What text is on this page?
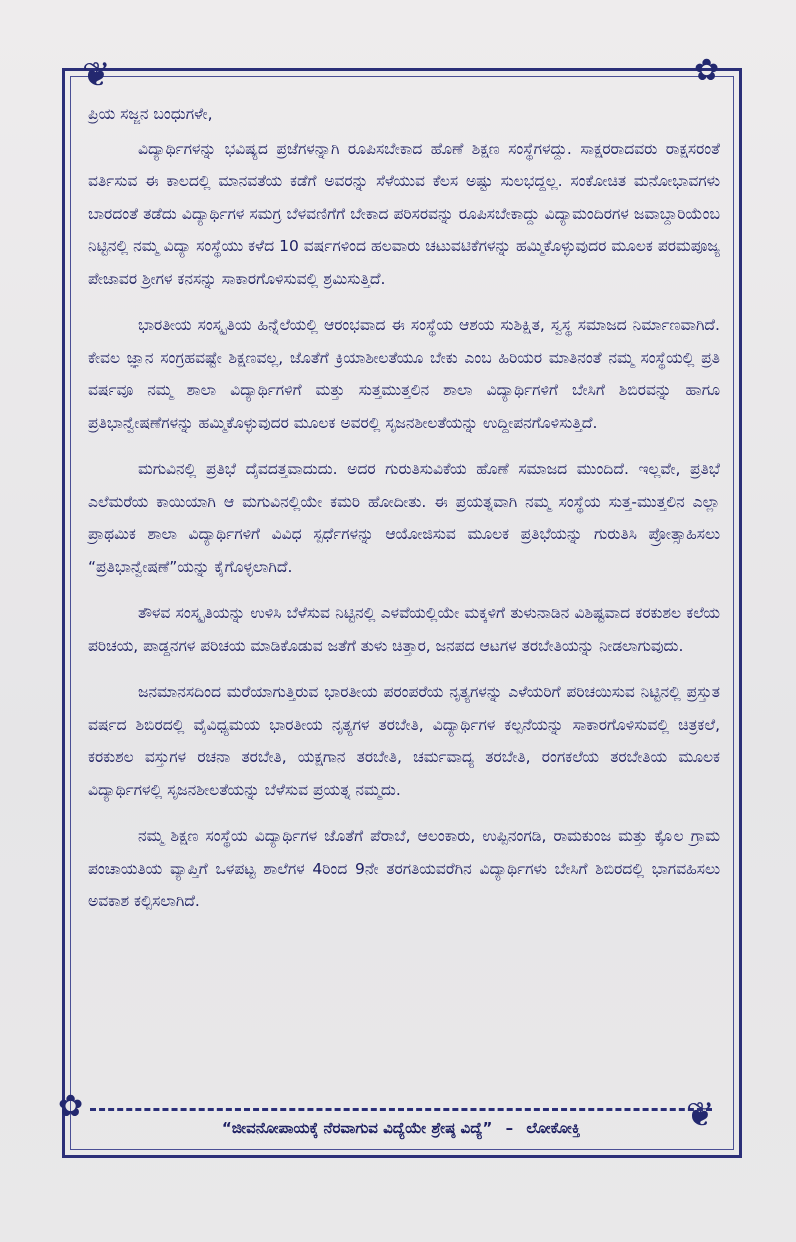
❦	✿
✿	❦

ಪ್ರಿಯ ಸಜ್ಜನ ಬಂಧುಗಳೇ,

ವಿದ್ಯಾರ್ಥಿಗಳನ್ನು ಭವಿಷ್ಯದ ಪ್ರಜೆಗಳನ್ನಾಗಿ ರೂಪಿಸಬೇಕಾದ ಹೊಣೆ ಶಿಕ್ಷಣ ಸಂಸ್ಥೆಗಳದ್ದು. ಸಾಕ್ಷರರಾದವರು ರಾಕ್ಷಸರಂತೆ ವರ್ತಿಸುವ ಈ ಕಾಲದಲ್ಲಿ ಮಾನವತೆಯ ಕಡೆಗೆ ಅವರನ್ನು ಸೆಳೆಯುವ ಕೆಲಸ ಅಷ್ಟು ಸುಲಭದ್ದಲ್ಲ. ಸಂಕೋಚಿತ ಮನೋಭಾವಗಳು ಬಾರದಂತೆ ತಡೆದು ವಿದ್ಯಾರ್ಥಿಗಳ ಸಮಗ್ರ ಬೆಳವಣಿಗೆಗೆ ಬೇಕಾದ ಪರಿಸರವನ್ನು ರೂಪಿಸಬೇಕಾದ್ದು ವಿದ್ಯಾಮಂದಿರಗಳ ಜವಾಬ್ದಾರಿಯೆಂಬ ನಿಟ್ಟಿನಲ್ಲಿ ನಮ್ಮ ವಿದ್ಯಾ ಸಂಸ್ಥೆಯು ಕಳೆದ 10 ವರ್ಷಗಳಿಂದ ಹಲವಾರು ಚಟುವಟಿಕೆಗಳನ್ನು ಹಮ್ಮಿಕೊಳ್ಳುವುದರ ಮೂಲಕ ಪರಮಪೂಜ್ಯ ಪೇಜಾವರ ಶ್ರೀಗಳ ಕನಸನ್ನು ಸಾಕಾರಗೊಳಿಸುವಲ್ಲಿ ಶ್ರಮಿಸುತ್ತಿದೆ.

ಭಾರತೀಯ ಸಂಸ್ಕೃತಿಯ ಹಿನ್ನೆಲೆಯಲ್ಲಿ ಆರಂಭವಾದ ಈ ಸಂಸ್ಥೆಯ ಆಶಯ ಸುಶಿಕ್ಷಿತ, ಸ್ವಸ್ಥ ಸಮಾಜದ ನಿರ್ಮಾಣವಾಗಿದೆ. ಕೇವಲ ಜ್ಞಾನ ಸಂಗ್ರಹವಷ್ಟೇ ಶಿಕ್ಷಣವಲ್ಲ, ಜೊತೆಗೆ ಕ್ರಿಯಾಶೀಲತೆಯೂ ಬೇಕು ಎಂಬ ಹಿರಿಯರ ಮಾತಿನಂತೆ ನಮ್ಮ ಸಂಸ್ಥೆಯಲ್ಲಿ ಪ್ರತಿ ವರ್ಷವೂ ನಮ್ಮ ಶಾಲಾ ವಿದ್ಯಾರ್ಥಿಗಳಿಗೆ ಮತ್ತು ಸುತ್ತಮುತ್ತಲಿನ ಶಾಲಾ ವಿದ್ಯಾರ್ಥಿಗಳಿಗೆ ಬೇಸಿಗೆ ಶಿಬಿರವನ್ನು ಹಾಗೂ ಪ್ರತಿಭಾನ್ವೇಷಣೆಗಳನ್ನು ಹಮ್ಮಿಕೊಳ್ಳುವುದರ ಮೂಲಕ ಅವರಲ್ಲಿ ಸೃಜನಶೀಲತೆಯನ್ನು ಉದ್ದೀಪನಗೊಳಿಸುತ್ತಿದೆ.

ಮಗುವಿನಲ್ಲಿ ಪ್ರತಿಭೆ ದೈವದತ್ತವಾದುದು. ಅದರ ಗುರುತಿಸುವಿಕೆಯ ಹೊಣೆ ಸಮಾಜದ ಮುಂದಿದೆ. ಇಲ್ಲವೇ, ಪ್ರತಿಭೆ ಎಲೆಮರೆಯ ಕಾಯಿಯಾಗಿ ಆ ಮಗುವಿನಲ್ಲಿಯೇ ಕಮರಿ ಹೋದೀತು. ಈ ಪ್ರಯತ್ನವಾಗಿ ನಮ್ಮ ಸಂಸ್ಥೆಯ ಸುತ್ತ-ಮುತ್ತಲಿನ ಎಲ್ಲಾ ಪ್ರಾಥಮಿಕ ಶಾಲಾ ವಿದ್ಯಾರ್ಥಿಗಳಿಗೆ ವಿವಿಧ ಸ್ಪರ್ಧೆಗಳನ್ನು ಆಯೋಜಿಸುವ ಮೂಲಕ ಪ್ರತಿಭೆಯನ್ನು ಗುರುತಿಸಿ ಪ್ರೋತ್ಸಾಹಿಸಲು “ಪ್ರತಿಭಾನ್ವೇಷಣೆ”ಯನ್ನು ಕೈಗೊಳ್ಳಲಾಗಿದೆ.

ತೌಳವ ಸಂಸ್ಕೃತಿಯನ್ನು ಉಳಿಸಿ ಬೆಳೆಸುವ ನಿಟ್ಟಿನಲ್ಲಿ ಎಳವೆಯಲ್ಲಿಯೇ ಮಕ್ಕಳಿಗೆ ತುಳುನಾಡಿನ ವಿಶಿಷ್ಟವಾದ ಕರಕುಶಲ ಕಲೆಯ ಪರಿಚಯ, ಪಾಡ್ದನಗಳ ಪರಿಚಯ ಮಾಡಿಕೊಡುವ ಜತೆಗೆ ತುಳು ಚಿತ್ತಾರ, ಜನಪದ ಆಟಗಳ ತರಬೇತಿಯನ್ನು ನೀಡಲಾಗುವುದು.

ಜನಮಾನಸದಿಂದ ಮರೆಯಾಗುತ್ತಿರುವ ಭಾರತೀಯ ಪರಂಪರೆಯ ನೃತ್ಯಗಳನ್ನು ಎಳೆಯರಿಗೆ ಪರಿಚಯಿಸುವ ನಿಟ್ಟಿನಲ್ಲಿ ಪ್ರಸ್ತುತ ವರ್ಷದ ಶಿಬಿರದಲ್ಲಿ ವೈವಿಧ್ಯಮಯ ಭಾರತೀಯ ನೃತ್ಯಗಳ ತರಬೇತಿ, ವಿದ್ಯಾರ್ಥಿಗಳ ಕಲ್ಪನೆಯನ್ನು ಸಾಕಾರಗೊಳಿಸುವಲ್ಲಿ ಚಿತ್ರಕಲೆ, ಕರಕುಶಲ ವಸ್ತುಗಳ ರಚನಾ ತರಬೇತಿ, ಯಕ್ಷಗಾನ ತರಬೇತಿ, ಚರ್ಮವಾದ್ಯ ತರಬೇತಿ, ರಂಗಕಲೆಯ ತರಬೇತಿಯ ಮೂಲಕ ವಿದ್ಯಾರ್ಥಿಗಳಲ್ಲಿ ಸೃಜನಶೀಲತೆಯನ್ನು ಬೆಳೆಸುವ ಪ್ರಯತ್ನ ನಮ್ಮದು.

ನಮ್ಮ ಶಿಕ್ಷಣ ಸಂಸ್ಥೆಯ ವಿದ್ಯಾರ್ಥಿಗಳ ಜೊತೆಗೆ ಪೆರಾಬೆ, ಆಲಂಕಾರು, ಉಪ್ಪಿನಂಗಡಿ, ರಾಮಕುಂಜ ಮತ್ತು ಕೊೖಲ ಗ್ರಾಮ ಪಂಚಾಯತಿಯ ವ್ಯಾಪ್ತಿಗೆ ಒಳಪಟ್ಟ ಶಾಲೆಗಳ 4ರಿಂದ 9ನೇ ತರಗತಿಯವರೆಗಿನ ವಿದ್ಯಾರ್ಥಿಗಳು ಬೇಸಿಗೆ ಶಿಬಿರದಲ್ಲಿ ಭಾಗವಹಿಸಲು ಅವಕಾಶ ಕಲ್ಪಿಸಲಾಗಿದೆ.

“ಜೀವನೋಪಾಯಕ್ಕೆ ನೆರವಾಗುವ ವಿದ್ಯೆಯೇ ಶ್ರೇಷ್ಠ ವಿದ್ಯೆ” – ಲೋಕೋಕ್ತಿ
